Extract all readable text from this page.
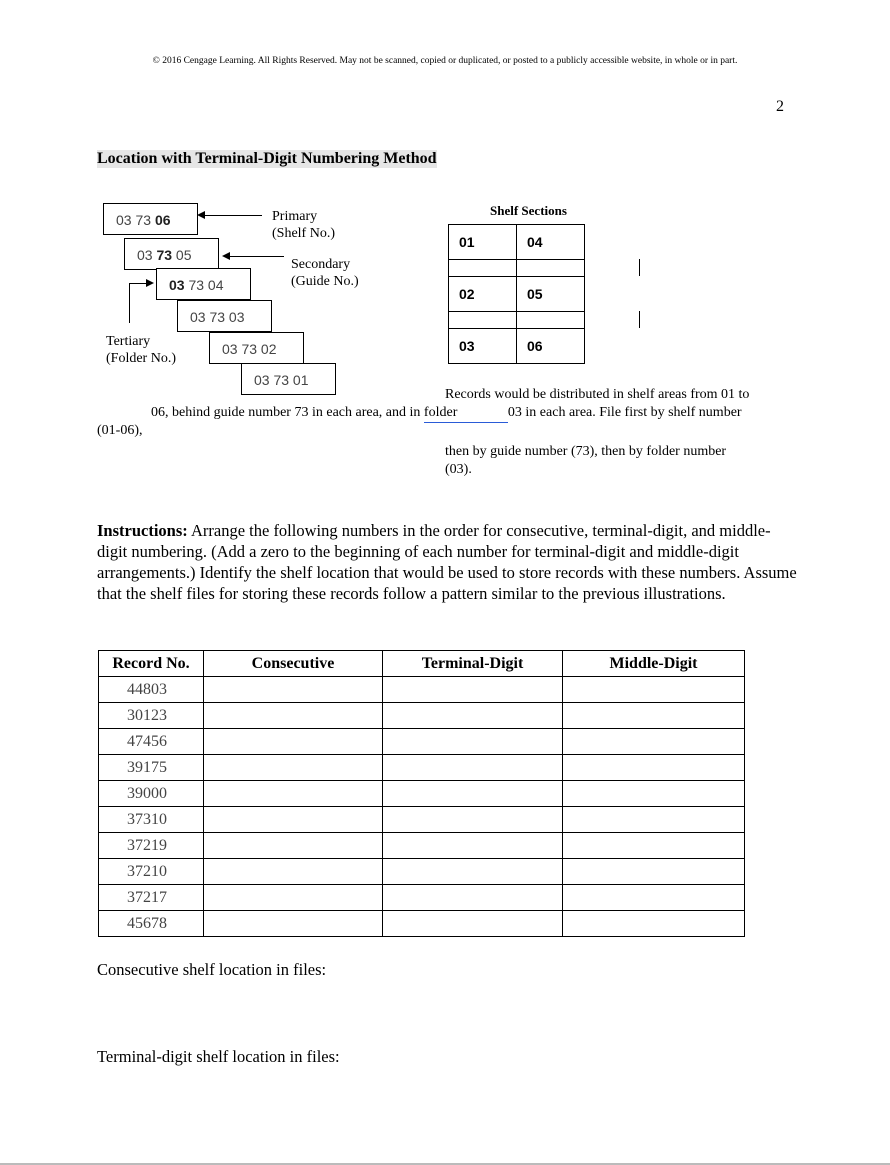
© 2016 Cengage Learning. All Rights Reserved. May not be scanned, copied or duplicated, or posted to a publicly accessible website, in whole or in part.
2
Location with Terminal-Digit Numbering Method
03 73 06
03 73 05
03 73 04
03 73 03
03 73 02
03 73 01
Primary
(Shelf No.)
Secondary
(Guide No.)
Tertiary
(Folder No.)
Shelf Sections
01	04

02	05

03	06
Records would be distributed in shelf areas from 01 to
06, behind guide number 73 in each area, and in folder	03 in each area. File first by shelf number
(01-06),
then by guide number (73), then by folder number
(03).
Instructions: Arrange the following numbers in the order for consecutive, terminal-digit, and middle-digit numbering. (Add a zero to the beginning of each number for terminal-digit and middle-digit arrangements.) Identify the shelf location that would be used to store records with these numbers. Assume that the shelf files for storing these records follow a pattern similar to the previous illustrations.
Record No.	Consecutive	Terminal-Digit	Middle-Digit
44803			
30123			
47456			
39175			
39000			
37310			
37219			
37210			
37217			
45678			
Consecutive shelf location in files:
Terminal-digit shelf location in files:
